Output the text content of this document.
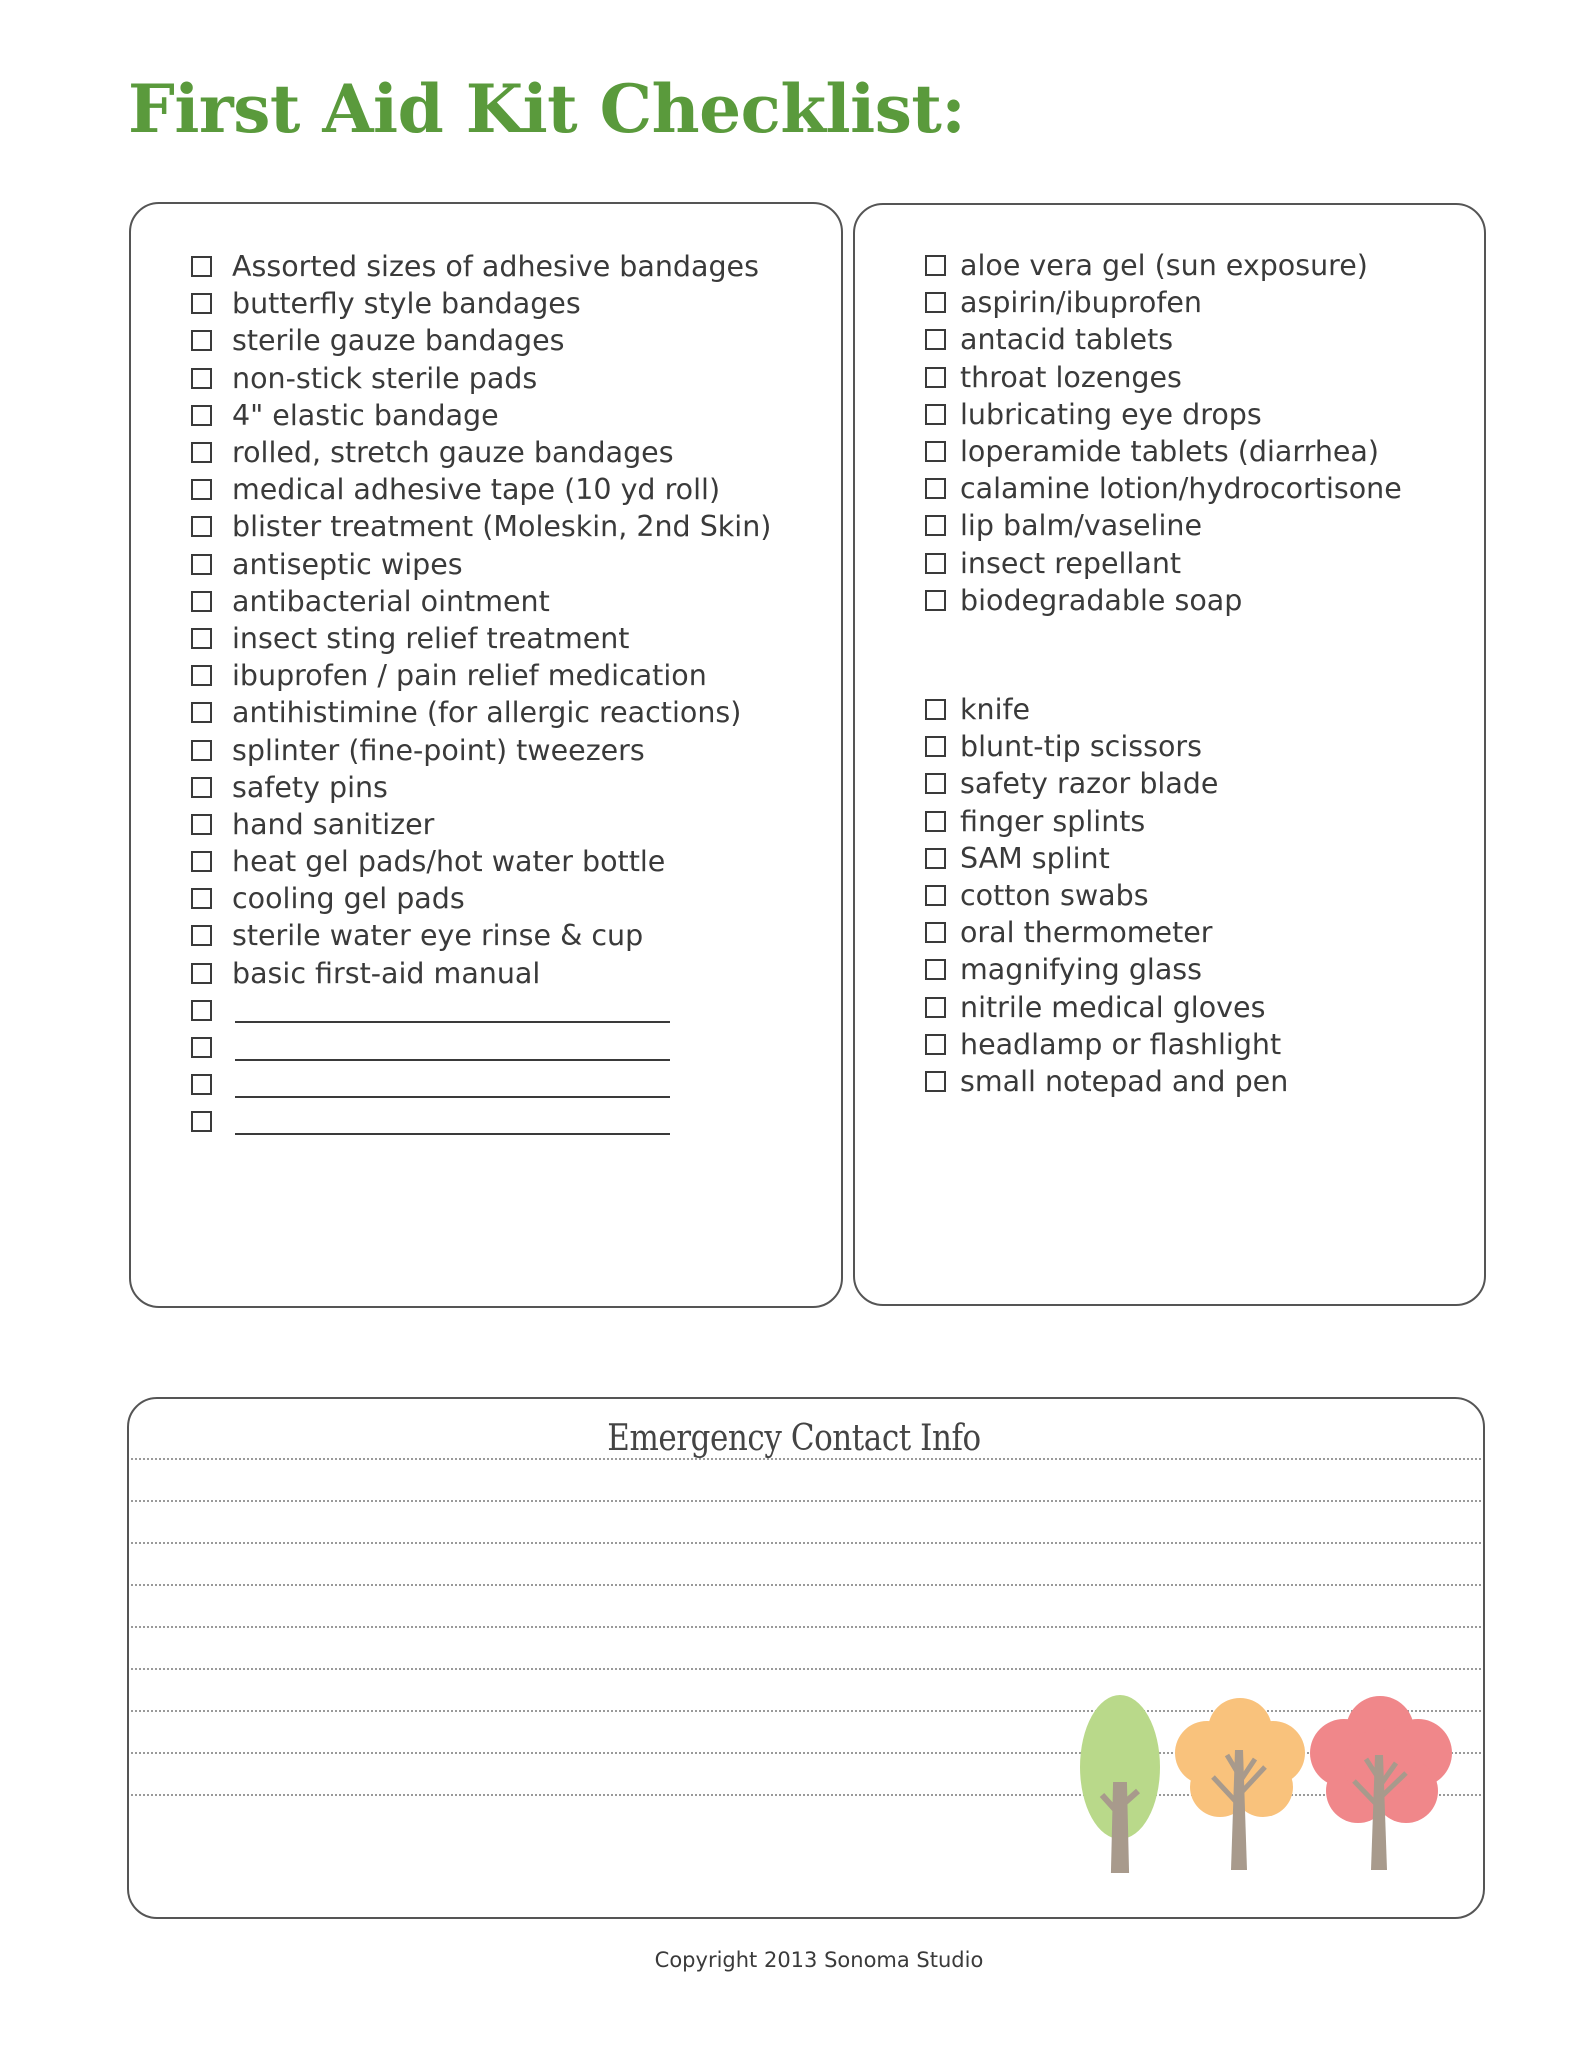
First Aid Kit Checklist:
Assorted sizes of adhesive bandages
butterfly style bandages
sterile gauze bandages
non-stick sterile pads
4" elastic bandage
rolled, stretch gauze bandages
medical adhesive tape (10 yd roll)
blister treatment (Moleskin, 2nd Skin)
antiseptic wipes
antibacterial ointment
insect sting relief treatment
ibuprofen / pain relief medication
antihistimine (for allergic reactions)
splinter (fine-point) tweezers
safety pins
hand sanitizer
heat gel pads/hot water bottle
cooling gel pads
sterile water eye rinse & cup
basic first-aid manual
aloe vera gel (sun exposure)
aspirin/ibuprofen
antacid tablets
throat lozenges
lubricating eye drops
loperamide tablets (diarrhea)
calamine lotion/hydrocortisone
lip balm/vaseline
insect repellant
biodegradable soap
knife
blunt-tip scissors
safety razor blade
finger splints
SAM splint
cotton swabs
oral thermometer
magnifying glass
nitrile medical gloves
headlamp or flashlight
small notepad and pen
Emergency Contact Info
Copyright 2013 Sonoma Studio
